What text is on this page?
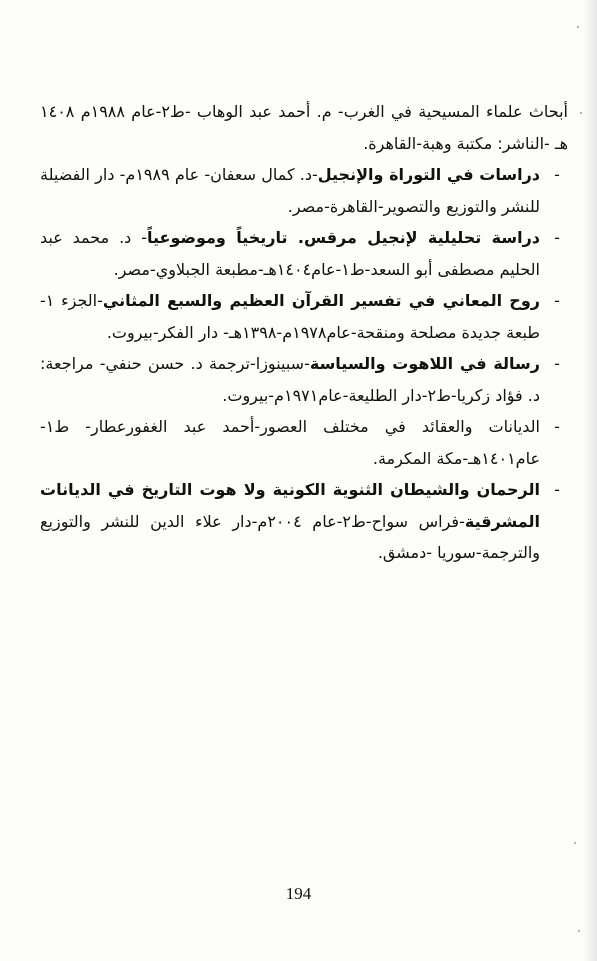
أبحاث علماء المسيحية في الغرب- م. أحمد عبد الوهاب -ط٢-عام ١٩٨٨م ١٤٠٨ هـ -الناشر: مكتبة وهبة-القاهرة.

-
دراسات في التوراة والإنجيل-د. كمال سعفان- عام ١٩٨٩م- دار الفضيلة للنشر والتوزيع والتصوير-القاهرة-مصر.

-
دراسة تحليلية لإنجيل مرقس. تاريخياً وموضوعياً- د. محمد عبد الحليم مصطفى أبو السعد-ط١-عام١٤٠٤هـ-مطبعة الجبلاوي-مصر.

-
روح المعاني في تفسير القرآن العظيم والسبع المثاني-الجزء ١-طبعة جديدة مصلحة ومنقحة-عام١٩٧٨م-١٣٩٨هـ- دار الفكر-بيروت.

-
رسالة في اللاهوت والسياسة-سبينوزا-ترجمة د. حسن حنفي- مراجعة: د. فؤاد زكريا-ط٢-دار الطليعة-عام١٩٧١م-بيروت.

-
الديانات والعقائد في مختلف العصور-أحمد عبد الغفورعطار- ط١-عام١٤٠١هـ-مكة المكرمة.

-
الرحمان والشيطان الثنوية الكونية ولا هوت التاريخ في الديانات المشرقية-فراس سواح-ط٢-عام ٢٠٠٤م-دار علاء الدين للنشر والتوزيع والترجمة-سوريا -دمشق.

194
